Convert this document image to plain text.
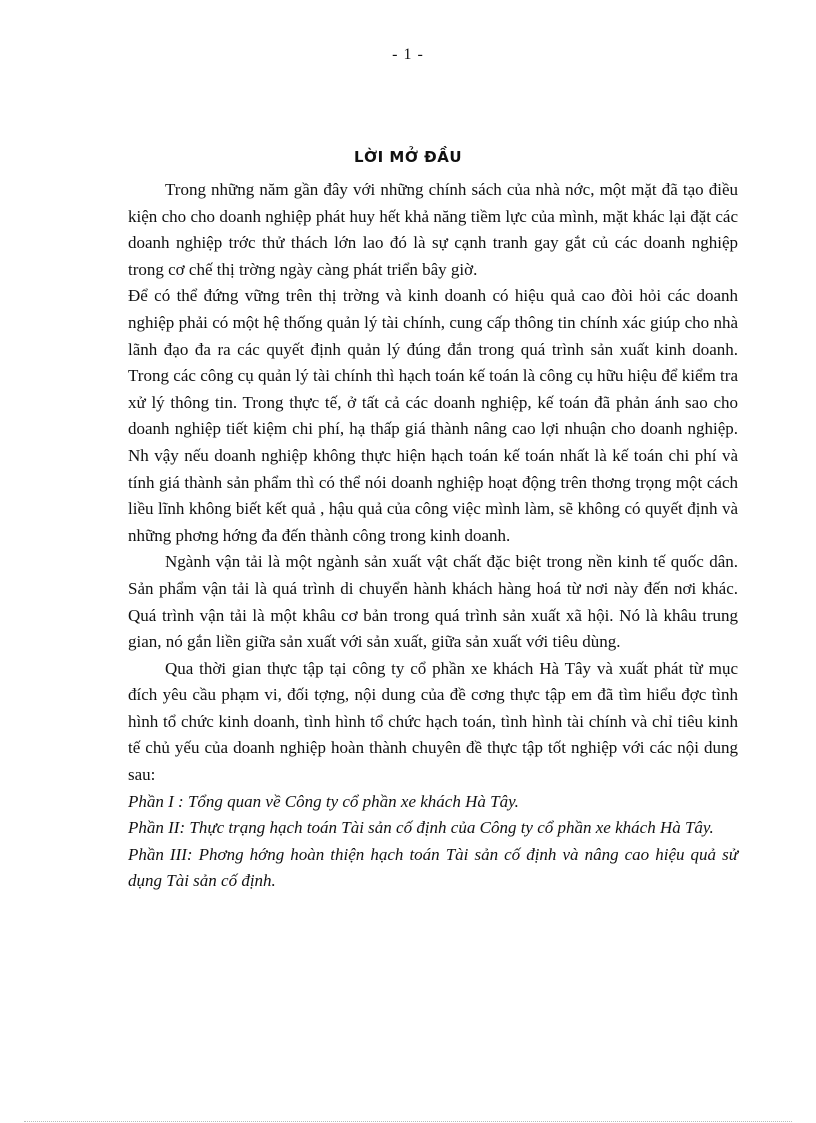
- 1 -
LỜI MỞ ĐẦU

Trong những năm gần đây với những chính sách của nhà nớc, một mặt đã tạo điều kiện cho cho doanh nghiệp phát huy hết khả năng tiềm lực của mình, mặt khác lại đặt các doanh nghiệp trớc thử thách lớn lao đó là sự cạnh tranh gay gắt củ các doanh nghiệp trong cơ chế thị trờng ngày càng phát triển bây giờ.

Để có thể đứng vững trên thị trờng và kinh doanh có hiệu quả cao đòi hỏi các doanh nghiệp phải có một hệ thống quản lý tài chính, cung cấp thông tin chính xác giúp cho nhà lãnh đạo đa ra các quyết định quản lý đúng đắn trong quá trình sản xuất kinh doanh. Trong các công cụ quản lý tài chính thì hạch toán kế toán là công cụ hữu hiệu để kiểm tra xử lý thông tin. Trong thực tế, ở tất cả các doanh nghiệp, kế toán đã phản ánh sao cho doanh nghiệp tiết kiệm chi phí, hạ thấp giá thành nâng cao lợi nhuận cho doanh nghiệp. Nh vậy nếu doanh nghiệp không thực hiện hạch toán kế toán nhất là kế toán chi phí và tính giá thành sản phẩm thì có thể nói doanh nghiệp hoạt động trên thơng trọng một cách liều lĩnh không biết kết quả , hậu quả của công việc mình làm, sẽ không có quyết định và những phơng hớng đa đến thành công trong kinh doanh.

Ngành vận tải là một ngành sản xuất vật chất đặc biệt trong nền kinh tế quốc dân. Sản phẩm vận tải là quá trình di chuyển hành khách hàng hoá từ nơi này đến nơi khác. Quá trình vận tải là một khâu cơ bản trong quá trình sản xuất xã hội. Nó là khâu trung gian, nó gắn liền giữa sản xuất với sản xuất, giữa sản xuất với tiêu dùng.

Qua thời gian thực tập tại công ty cổ phần xe khách Hà Tây và xuất phát từ mục đích yêu cầu phạm vi, đối tợng, nội dung của đề cơng thực tập em đã tìm hiểu đợc tình hình tổ chức kinh doanh, tình hình tổ chức hạch toán, tình hình tài chính và chỉ tiêu kinh tế chủ yếu của doanh nghiệp hoàn thành chuyên đề thực tập tốt nghiệp với các nội dung sau:

Phần I : Tổng quan về Công ty cổ phần xe khách Hà Tây.

Phần II: Thực trạng hạch toán Tài sản cố định của Công ty cổ phần xe khách Hà Tây.

Phần III: Phơng hớng hoàn thiện hạch toán Tài sản cố định và nâng cao hiệu quả sử dụng Tài sản cố định.
